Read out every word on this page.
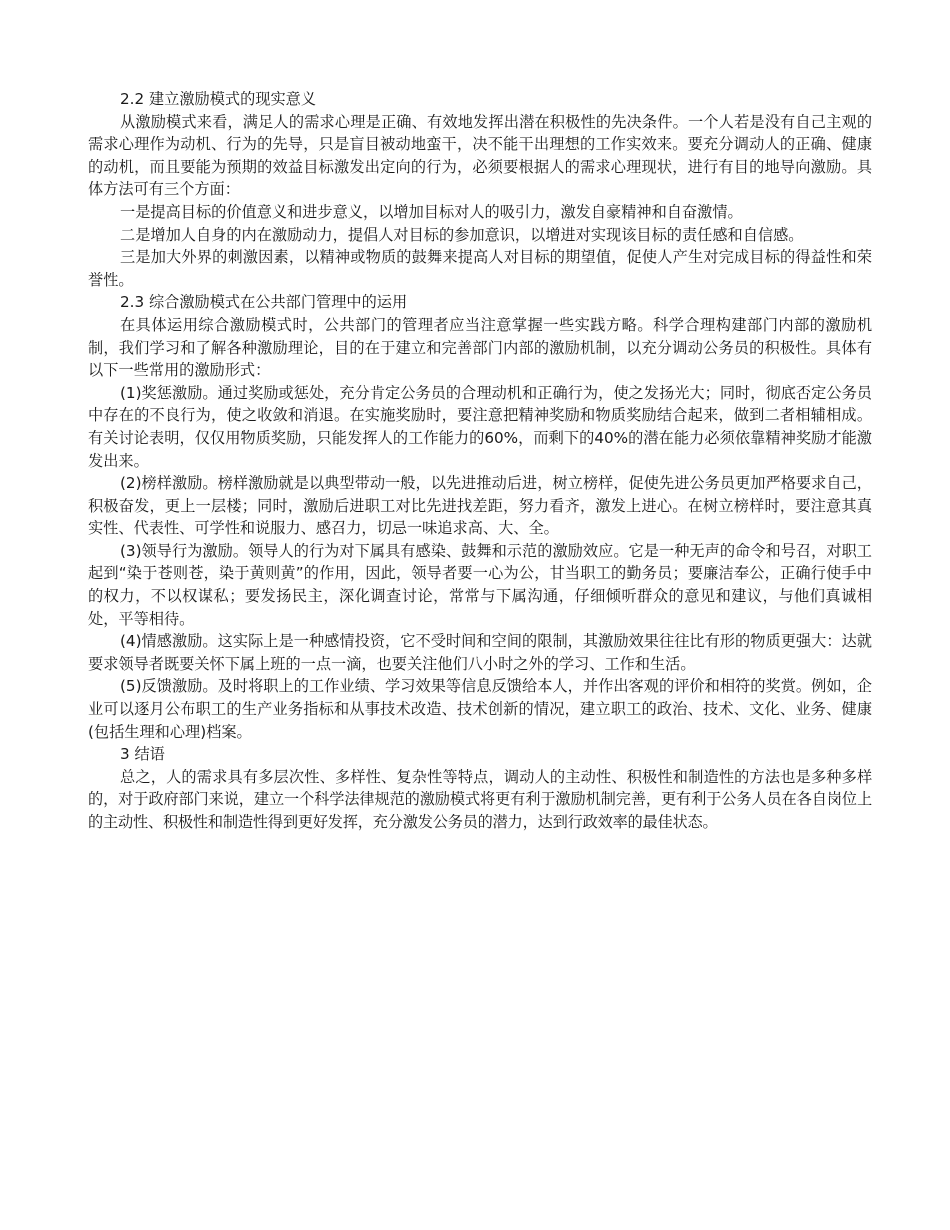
2.2 建立激励模式的现实意义

从激励模式来看，满足人的需求心理是正确、有效地发挥出潜在积极性的先决条件。一个人若是没有自己主观的需求心理作为动机、行为的先导，只是盲目被动地蛮干，决不能干出理想的工作实效来。要充分调动人的正确、健康的动机，而且要能为预期的效益目标激发出定向的行为，必须要根据人的需求心理现状，进行有目的地导向激励。具体方法可有三个方面：

一是提高目标的价值意义和进步意义，以增加目标对人的吸引力，激发自豪精神和自奋激情。

二是增加人自身的内在激励动力，提倡人对目标的参加意识，以增进对实现该目标的责任感和自信感。

三是加大外界的刺激因素，以精神或物质的鼓舞来提高人对目标的期望值，促使人产生对完成目标的得益性和荣誉性。

2.3 综合激励模式在公共部门管理中的运用

在具体运用综合激励模式时，公共部门的管理者应当注意掌握一些实践方略。科学合理构建部门内部的激励机制，我们学习和了解各种激励理论，目的在于建立和完善部门内部的激励机制，以充分调动公务员的积极性。具体有以下一些常用的激励形式：

(1)奖惩激励。通过奖励或惩处，充分肯定公务员的合理动机和正确行为，使之发扬光大；同时，彻底否定公务员中存在的不良行为，使之收敛和消退。在实施奖励时，要注意把精神奖励和物质奖励结合起来，做到二者相辅相成。有关讨论表明，仅仅用物质奖励，只能发挥人的工作能力的60%，而剩下的40%的潜在能力必须依靠精神奖励才能激发出来。

(2)榜样激励。榜样激励就是以典型带动一般，以先进推动后进，树立榜样，促使先进公务员更加严格要求自己，积极奋发，更上一层楼；同时，激励后进职工对比先进找差距，努力看齐，激发上进心。在树立榜样时，要注意其真实性、代表性、可学性和说服力、感召力，切忌一味追求高、大、全。

(3)领导行为激励。领导人的行为对下属具有感染、鼓舞和示范的激励效应。它是一种无声的命令和号召，对职工起到“染于苍则苍，染于黄则黄”的作用，因此，领导者要一心为公，甘当职工的勤务员；要廉洁奉公，正确行使手中的权力，不以权谋私；要发扬民主，深化调查讨论，常常与下属沟通，仔细倾听群众的意见和建议，与他们真诚相处，平等相待。

(4)情感激励。这实际上是一种感情投资，它不受时间和空间的限制，其激励效果往往比有形的物质更强大：达就要求领导者既要关怀下属上班的一点一滴，也要关注他们八小时之外的学习、工作和生活。

(5)反馈激励。及时将职上的工作业绩、学习效果等信息反馈给本人，并作出客观的评价和相符的奖赏。例如，企业可以逐月公布职工的生产业务指标和从事技术改造、技术创新的情况，建立职工的政治、技术、文化、业务、健康(包括生理和心理)档案。

3 结语

总之，人的需求具有多层次性、多样性、复杂性等特点，调动人的主动性、积极性和制造性的方法也是多种多样的，对于政府部门来说，建立一个科学法律规范的激励模式将更有利于激励机制完善，更有利于公务人员在各自岗位上的主动性、积极性和制造性得到更好发挥，充分激发公务员的潜力，达到行政效率的最佳状态。
